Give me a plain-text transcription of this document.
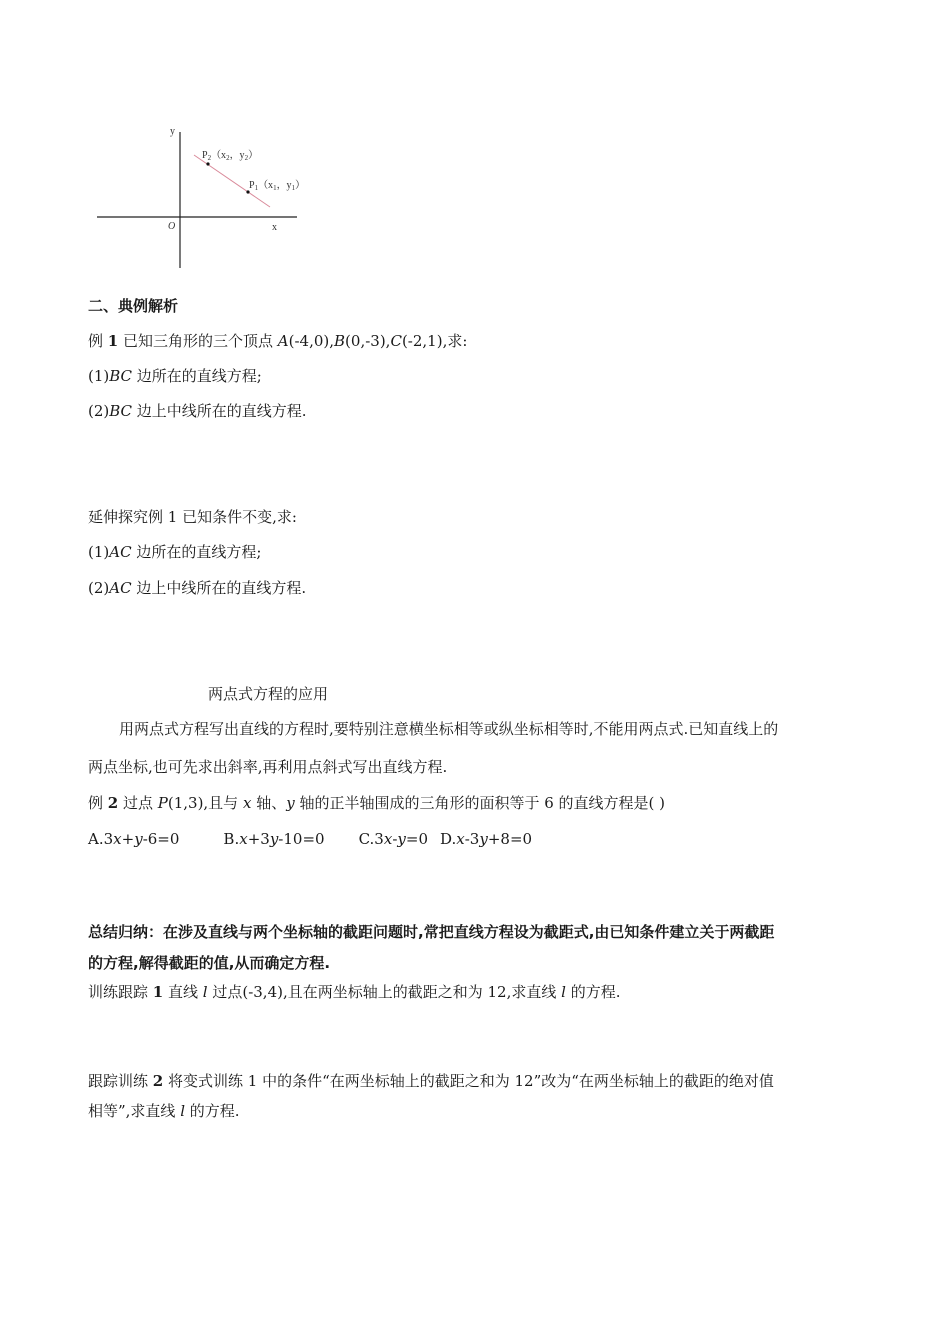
y
x
O
$P_2(x_2$，$y_2$）
$P_1(x_1$，$y_1$）
二、典例解析
例 1 已知三角形的三个顶点 A(-4,0),B(0,-3),C(-2,1),求:
(1)BC 边所在的直线方程;
(2)BC 边上中线所在的直线方程.
延伸探究例 1 已知条件不变,求:
(1)AC 边所在的直线方程;
(2)AC 边上中线所在的直线方程.
两点式方程的应用
用两点式方程写出直线的方程时,要特别注意横坐标相等或纵坐标相等时,不能用两点式.已知直线上的
两点坐标,也可先求出斜率,再利用点斜式写出直线方程.
例 2 过点 P(1,3),且与 x 轴、y 轴的正半轴围成的三角形的面积等于 6 的直线方程是( )
A.3x+y-6=0	B.x+3y-10=0 C.3x-y=0 D.x-3y+8=0
总结归纳：在涉及直线与两个坐标轴的截距问题时,常把直线方程设为截距式,由已知条件建立关于两截距
的方程,解得截距的值,从而确定方程.
训练跟踪 1 直线 l 过点(-3,4),且在两坐标轴上的截距之和为 12,求直线 l 的方程.
跟踪训练 2 将变式训练 1 中的条件“在两坐标轴上的截距之和为 12”改为“在两坐标轴上的截距的绝对值
相等”,求直线 l 的方程.
